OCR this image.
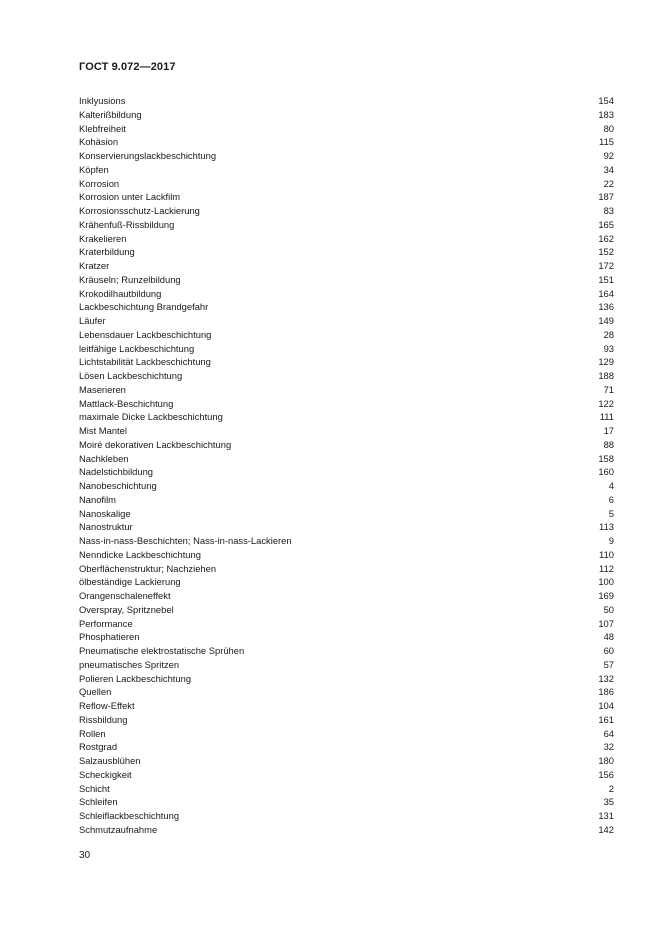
ГОСТ 9.072—2017
Inklyusions	154
Kalterißbildung	183
Klebfreiheit	80
Kohäsion	115
Konservierungslackbeschichtung	92
Köpfen	34
Korrosion	22
Korrosion unter Lackfilm	187
Korrosionsschutz-Lackierung	83
Krähenfuß-Rissbildung	165
Krakelieren	162
Kraterbildung	152
Kratzer	172
Kräuseln; Runzelbildung	151
Krokodilhautbildung	164
Lackbeschichtung Brandgefahr	136
Läufer	149
Lebensdauer Lackbeschichtung	28
leitfähige Lackbeschichtung	93
Lichtstabilität Lackbeschichtung	129
Lösen Lackbeschichtung	188
Maserieren	71
Mattlack-Beschichtung	122
maximale Dicke Lackbeschichtung	111
Mist Mantel	17
Moiré dekorativen Lackbeschichtung	88
Nachkleben	158
Nadelstichbildung	160
Nanobeschichtung	4
Nanofilm	6
Nanoskalige	5
Nanostruktur	113
Nass-in-nass-Beschichten; Nass-in-nass-Lackieren	9
Nenndicke Lackbeschichtung	110
Oberflächenstruktur; Nachziehen	112
ölbeständige Lackierung	100
Orangenschaleneffekt	169
Overspray, Spritznebel	50
Performance	107
Phosphatieren	48
Pneumatische elektrostatische Sprühen	60
pneumatisches Spritzen	57
Polieren Lackbeschichtung	132
Quellen	186
Reflow-Effekt	104
Rissbildung	161
Rollen	64
Rostgrad	32
Salzausblühen	180
Scheckigkeit	156
Schicht	2
Schleifen	35
Schleiflackbeschichtung	131
Schmutzaufnahme	142
30
